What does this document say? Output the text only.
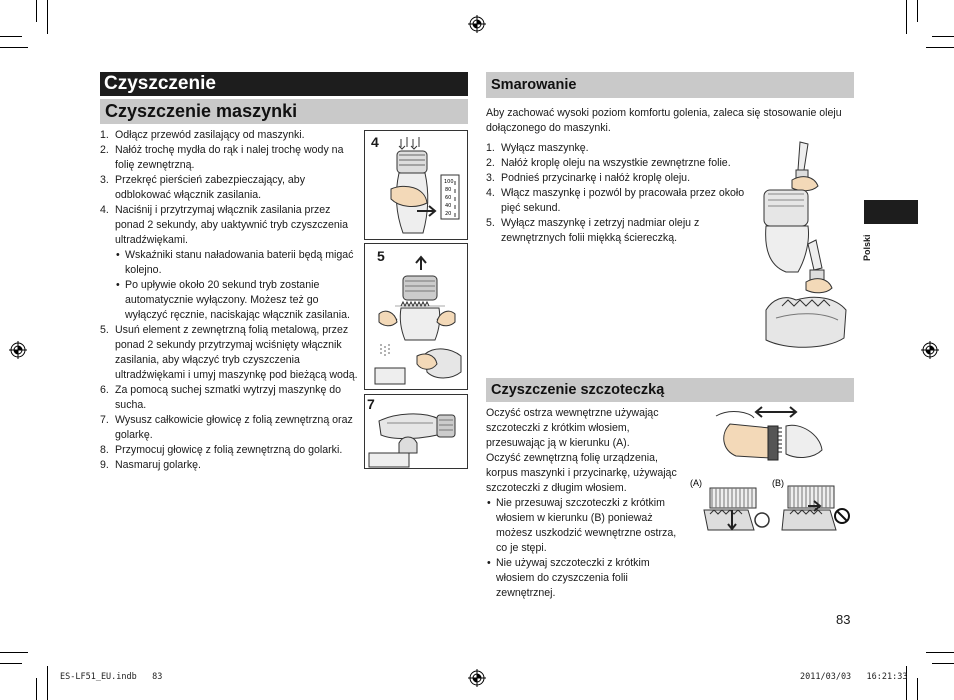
Czyszczenie
Czyszczenie maszynki
1. Odłącz przewód zasilający od maszynki.
2. Nałóż trochę mydła do rąk i nalej trochę wody na folię zewnętrzną.
3. Przekręć pierścień zabezpieczający, aby odblokować włącznik zasilania.
4. Naciśnij i przytrzymaj włącznik zasilania przez ponad 2 sekundy, aby uaktywnić tryb czyszczenia ultradźwiękami.
• Wskaźniki stanu naładowania baterii będą migać kolejno.
• Po upływie około 20 sekund tryb zostanie automatycznie wyłączony. Możesz też go wyłączyć ręcznie, naciskając włącznik zasilania.
5. Usuń element z zewnętrzną folią metalową, przez ponad 2 sekundy przytrzymaj wciśnięty włącznik zasilania, aby włączyć tryb czyszczenia ultradźwiękami i umyj maszynkę pod bieżącą wodą.
6. Za pomocą suchej szmatki wytrzyj maszynkę do sucha.
7. Wysusz całkowicie głowicę z folią zewnętrzną oraz golarkę.
8. Przymocuj głowicę z folią zewnętrzną do golarki.
9. Nasmaruj golarkę.
4
100
80
60
40
20
5
7
Smarowanie
Aby zachować wysoki poziom komfortu golenia, zaleca się stosowanie oleju dołączonego do maszynki.
1. Wyłącz maszynkę.
2. Nałóż kroplę oleju na wszystkie zewnętrzne folie.
3. Podnieś przycinarkę i nałóż kroplę oleju.
4. Włącz maszynkę i pozwól by pracowała przez około pięć sekund.
5. Wyłącz maszynkę i zetrzyj nadmiar oleju z zewnętrznych folii miękką ściereczką.
Czyszczenie szczoteczką
Oczyść ostrza wewnętrzne używając szczoteczki z krótkim włosiem, przesuwając ją w kierunku (A).
Oczyść zewnętrzną folię urządzenia, korpus maszynki i przycinarkę, używając szczoteczki z długim włosiem.
• Nie przesuwaj szczoteczki z krótkim włosiem w kierunku (B) ponieważ możesz uszkodzić wewnętrzne ostrza, co je stępi.
• Nie używaj szczoteczki z krótkim włosiem do czyszczenia folii zewnętrznej.
(A)	(B)
Polski
83
ES-LF51_EU.indb   83	2011/03/03   16:21:33
